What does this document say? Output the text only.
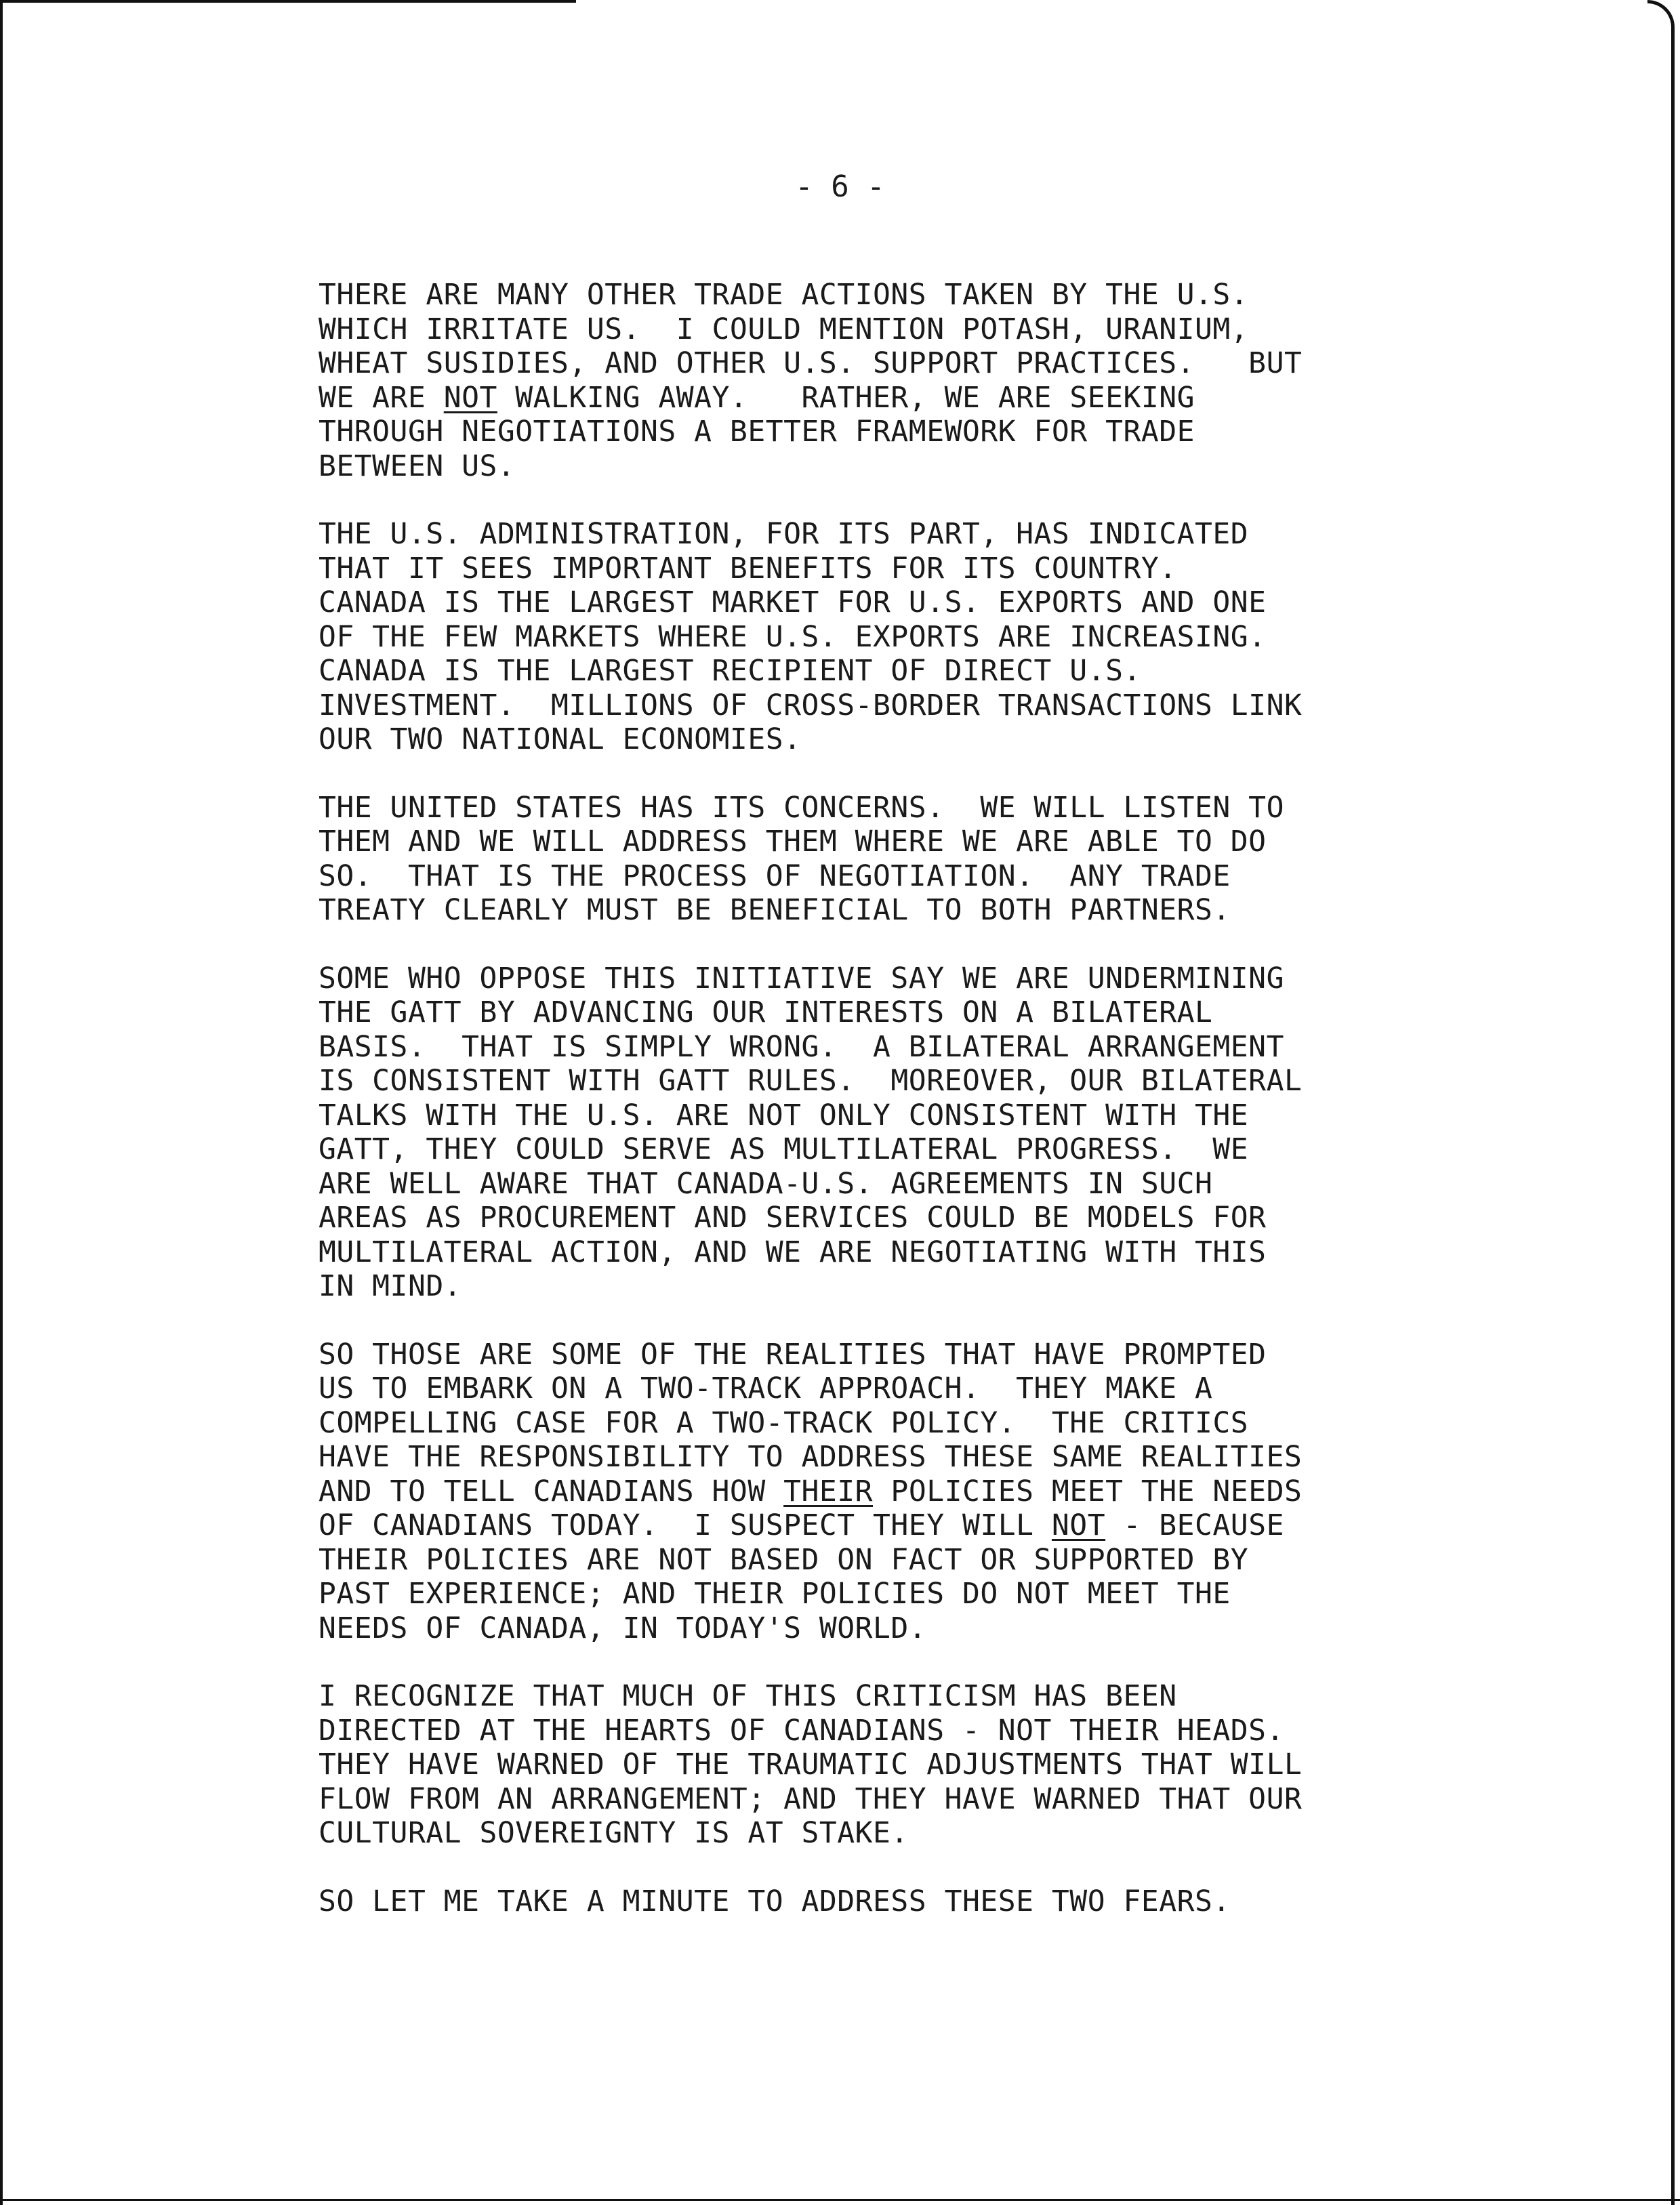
- 6 -
THERE ARE MANY OTHER TRADE ACTIONS TAKEN BY THE U.S.
WHICH IRRITATE US.  I COULD MENTION POTASH, URANIUM,
WHEAT SUSIDIES, AND OTHER U.S. SUPPORT PRACTICES.   BUT
WE ARE NOT WALKING AWAY.   RATHER, WE ARE SEEKING
THROUGH NEGOTIATIONS A BETTER FRAMEWORK FOR TRADE
BETWEEN US.
THE U.S. ADMINISTRATION, FOR ITS PART, HAS INDICATED
THAT IT SEES IMPORTANT BENEFITS FOR ITS COUNTRY.
CANADA IS THE LARGEST MARKET FOR U.S. EXPORTS AND ONE
OF THE FEW MARKETS WHERE U.S. EXPORTS ARE INCREASING.
CANADA IS THE LARGEST RECIPIENT OF DIRECT U.S.
INVESTMENT.  MILLIONS OF CROSS-BORDER TRANSACTIONS LINK
OUR TWO NATIONAL ECONOMIES.
THE UNITED STATES HAS ITS CONCERNS.  WE WILL LISTEN TO
THEM AND WE WILL ADDRESS THEM WHERE WE ARE ABLE TO DO
SO.  THAT IS THE PROCESS OF NEGOTIATION.  ANY TRADE
TREATY CLEARLY MUST BE BENEFICIAL TO BOTH PARTNERS.
SOME WHO OPPOSE THIS INITIATIVE SAY WE ARE UNDERMINING
THE GATT BY ADVANCING OUR INTERESTS ON A BILATERAL
BASIS.  THAT IS SIMPLY WRONG.  A BILATERAL ARRANGEMENT
IS CONSISTENT WITH GATT RULES.  MOREOVER, OUR BILATERAL
TALKS WITH THE U.S. ARE NOT ONLY CONSISTENT WITH THE
GATT, THEY COULD SERVE AS MULTILATERAL PROGRESS.  WE
ARE WELL AWARE THAT CANADA-U.S. AGREEMENTS IN SUCH
AREAS AS PROCUREMENT AND SERVICES COULD BE MODELS FOR
MULTILATERAL ACTION, AND WE ARE NEGOTIATING WITH THIS
IN MIND.
SO THOSE ARE SOME OF THE REALITIES THAT HAVE PROMPTED
US TO EMBARK ON A TWO-TRACK APPROACH.  THEY MAKE A
COMPELLING CASE FOR A TWO-TRACK POLICY.  THE CRITICS
HAVE THE RESPONSIBILITY TO ADDRESS THESE SAME REALITIES
AND TO TELL CANADIANS HOW THEIR POLICIES MEET THE NEEDS
OF CANADIANS TODAY.  I SUSPECT THEY WILL NOT - BECAUSE
THEIR POLICIES ARE NOT BASED ON FACT OR SUPPORTED BY
PAST EXPERIENCE; AND THEIR POLICIES DO NOT MEET THE
NEEDS OF CANADA, IN TODAY'S WORLD.
I RECOGNIZE THAT MUCH OF THIS CRITICISM HAS BEEN
DIRECTED AT THE HEARTS OF CANADIANS - NOT THEIR HEADS.
THEY HAVE WARNED OF THE TRAUMATIC ADJUSTMENTS THAT WILL
FLOW FROM AN ARRANGEMENT; AND THEY HAVE WARNED THAT OUR
CULTURAL SOVEREIGNTY IS AT STAKE.
SO LET ME TAKE A MINUTE TO ADDRESS THESE TWO FEARS.
